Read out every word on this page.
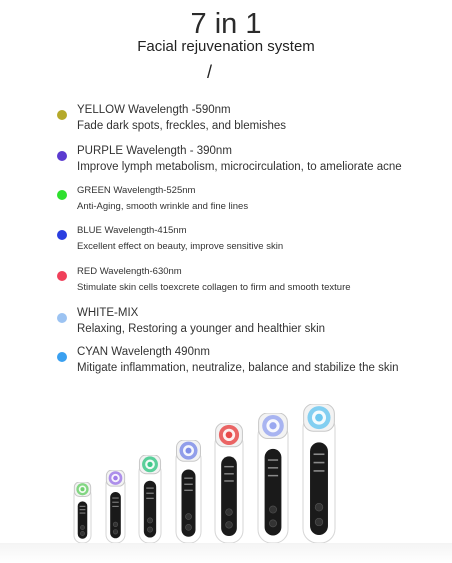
7 in 1
Facial rejuvenation system
/
YELLOW Wavelength -590nm
Fade dark spots, freckles, and blemishes
PURPLE Wavelength - 390nm
Improve lymph metabolism, microcirculation, to ameliorate acne
GREEN Wavelength-525nm
Anti-Aging, smooth wrinkle and fine lines
BLUE Wavelength-415nm
Excellent effect on beauty, improve sensitive skin
RED Wavelength-630nm
Stimulate skin cells toexcrete collagen to firm and smooth texture
WHITE-MIX
Relaxing, Restoring a younger and healthier skin
CYAN Wavelength 490nm
Mitigate inflammation, neutralize, balance and stabilize the skin
